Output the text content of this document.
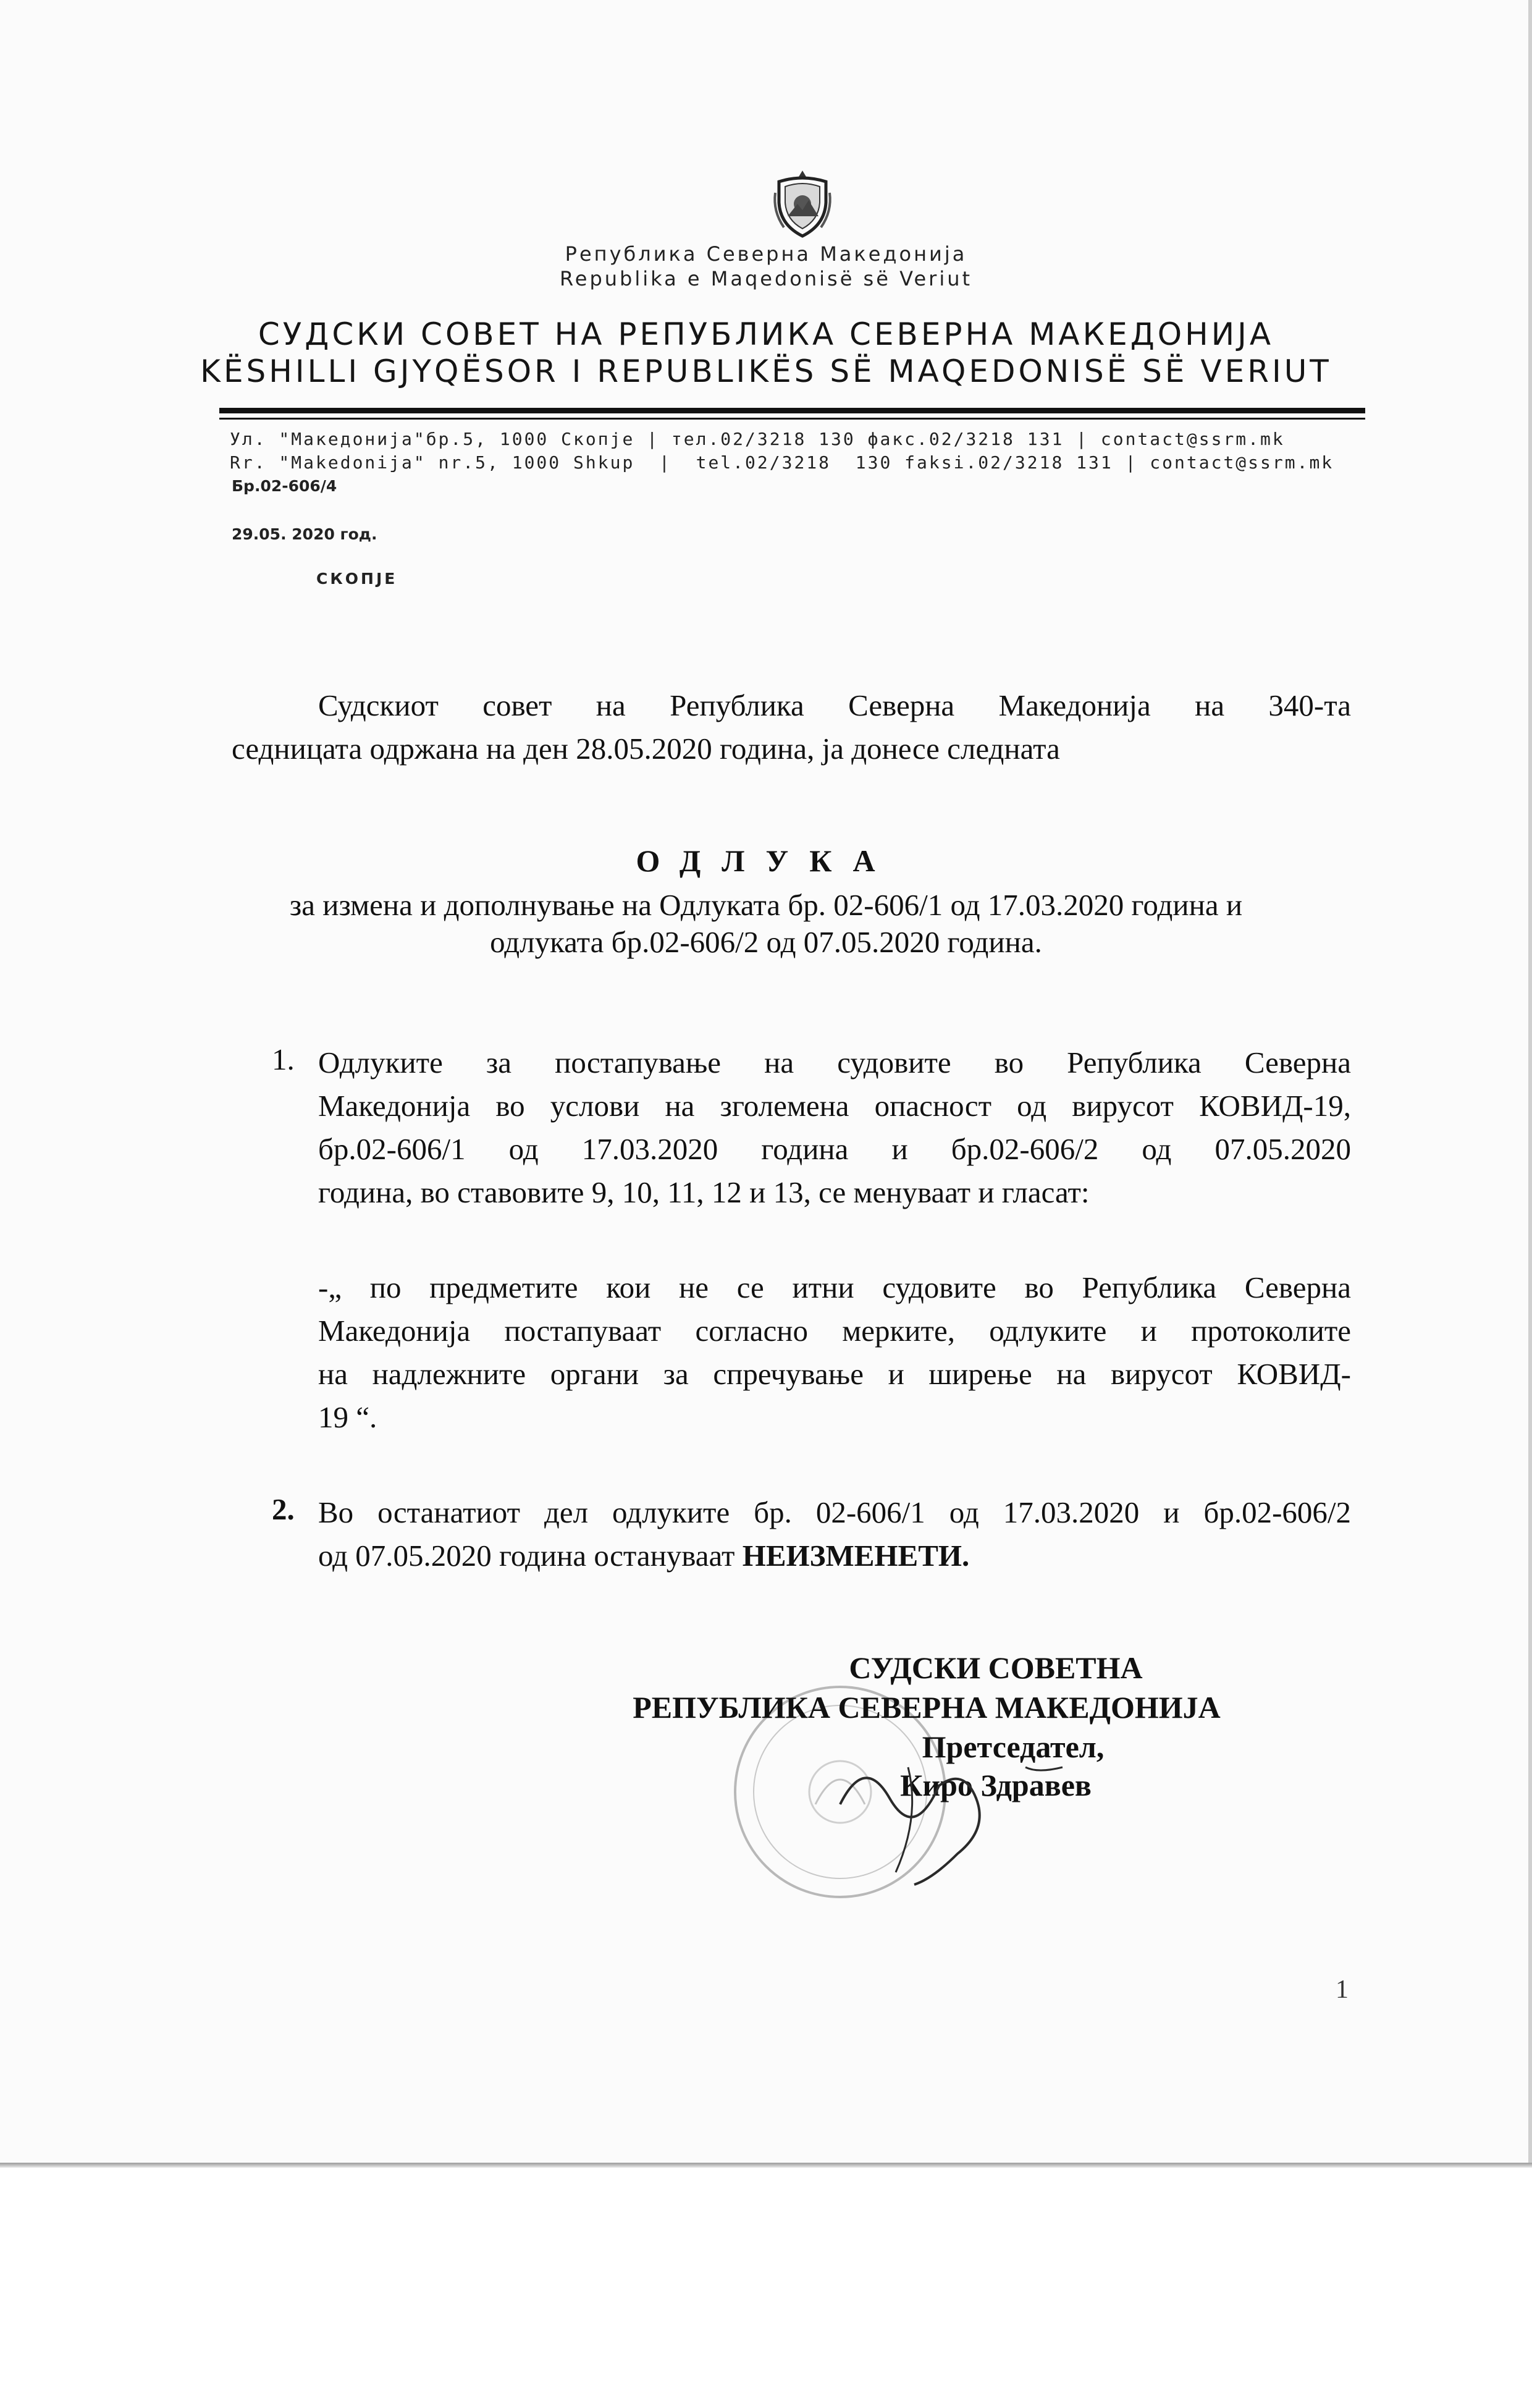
Република Северна Македонија
Republika e Maqedonisë së Veriut
СУДСКИ СОВЕТ НА РЕПУБЛИКА СЕВЕРНА МАКЕДОНИЈА
KËSHILLI GJYQËSOR I REPUBLIKËS SË MAQEDONISË SË VERIUT
Ул. "Македонија"бр.5, 1000 Скопје | тел.02/3218 130 факс.02/3218 131 | contact@ssrm.mk
Rr. "Makedonija" nr.5, 1000 Shkup  |  tel.02/3218  130 faksi.02/3218 131 | contact@ssrm.mk
Бр.02-606/4
29.05. 2020 год.
СКОПЈЕ
Судскиот совет на Република Северна Македонија на 340-та
седницата одржана на ден 28.05.2020 година, ја донесе следната
ОДЛУКА
за измена и дополнување на Одлуката бр. 02-606/1 од 17.03.2020 година и
одлуката бр.02-606/2 од 07.05.2020 година.
1. Одлуките за постапување на судовите во Република Северна
Македонија во услови на зголемена опасност од вирусот КОВИД-19,
бр.02-606/1 од 17.03.2020 година и бр.02-606/2 од 07.05.2020
година, во ставовите 9, 10, 11, 12 и 13, се менуваат и гласат:
-„ по предметите кои не се итни судовите во Република Северна
Македонија постапуваат согласно мерките, одлуките и протоколите
на надлежните органи за спречување и ширење на вирусот КОВИД-
19 “.
2. Во останатиот дел одлуките бр. 02-606/1 од 17.03.2020 и бр.02-606/2
од 07.05.2020 година остануваат НЕИЗМЕНЕТИ.
СУДСКИ СОВЕТНА
РЕПУБЛИКА СЕВЕРНА МАКЕДОНИЈА
Претседател,
Киро Здравев
1
